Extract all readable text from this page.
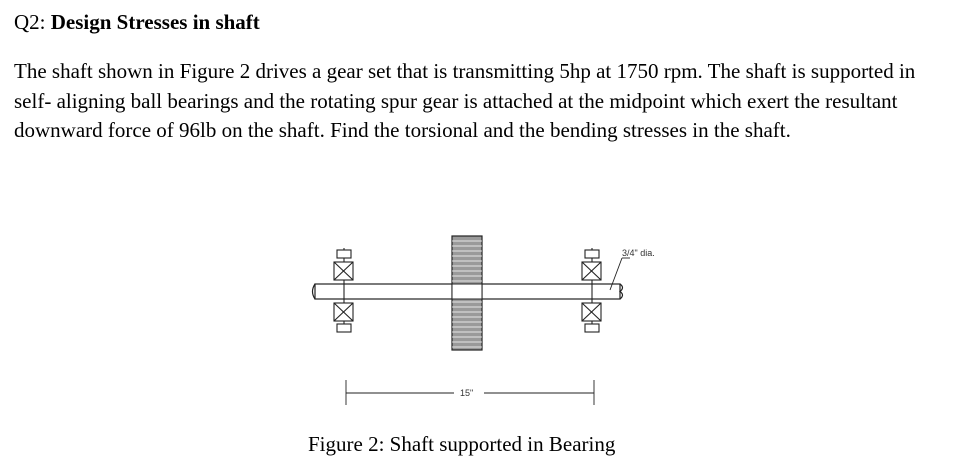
Q2: Design Stresses in shaft

The shaft shown in Figure 2 drives a gear set that is transmitting 5hp at 1750 rpm. The shaft is supported in self- aligning ball bearings and the rotating spur gear is attached at the midpoint which exert the resultant downward force of 96lb on the shaft. Find the torsional and the bending stresses in the shaft.

3/4" dia.
15"
Figure 2: Shaft supported in Bearing
